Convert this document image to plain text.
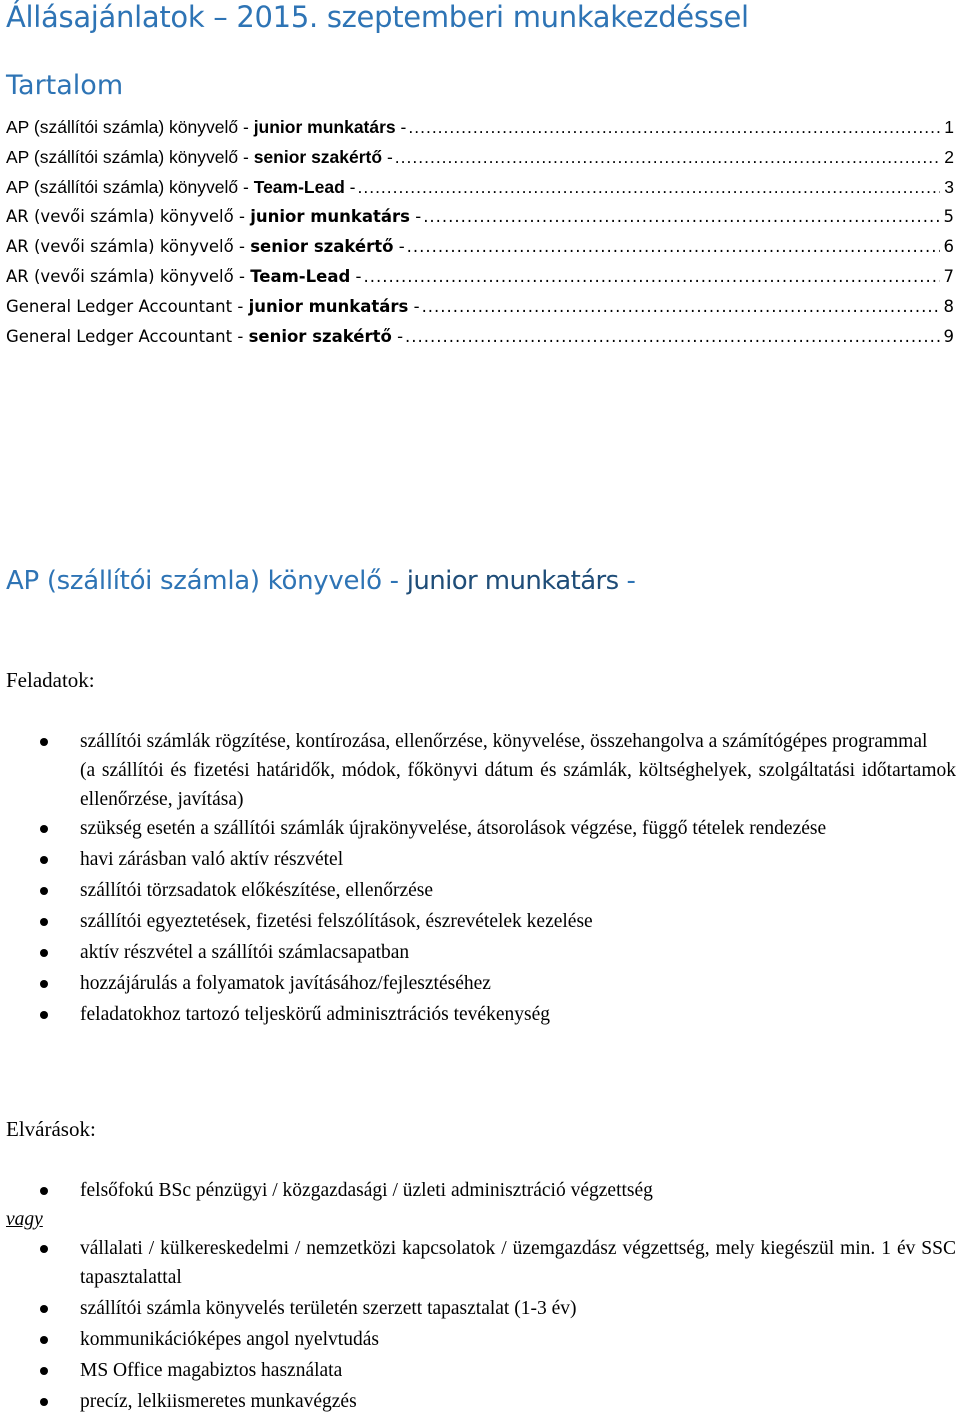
Állásajánlatok – 2015. szeptemberi munkakezdéssel
Tartalom
AP (szállítói számla) könyvelő - junior munkatárs - .....	1
AP (szállítói számla) könyvelő - senior szakértő - .....	2
AP (szállítói számla) könyvelő - Team-Lead - .....	3
AR (vevői számla) könyvelő - junior munkatárs - .....	5
AR (vevői számla) könyvelő - senior szakértő - .....	6
AR (vevői számla) könyvelő - Team-Lead - .....	7
General Ledger Accountant - junior munkatárs - .....	8
General Ledger Accountant - senior szakértő - .....	9
AP (szállítói számla) könyvelő - junior munkatárs -
Feladatok:
szállítói számlák rögzítése, kontírozása, ellenőrzése, könyvelése, összehangolva a számítógépes programmal
(a szállítói és fizetési határidők, módok, főkönyvi dátum és számlák, költséghelyek, szolgáltatási időtartamok ellenőrzése, javítása)
szükség esetén a szállítói számlák újrakönyvelése, átsorolások végzése, függő tételek rendezése
havi zárásban való aktív részvétel
szállítói törzsadatok előkészítése, ellenőrzése
szállítói egyeztetések, fizetési felszólítások, észrevételek kezelése
aktív részvétel a szállítói számlacsapatban
hozzájárulás a folyamatok javításához/fejlesztéséhez
feladatokhoz tartozó teljeskörű adminisztrációs tevékenység
Elvárások:
felsőfokú BSc pénzügyi / közgazdasági / üzleti adminisztráció végzettség
vagy
vállalati / külkereskedelmi / nemzetközi kapcsolatok / üzemgazdász végzettség, mely kiegészül min. 1 év SSC tapasztalattal
szállítói számla könyvelés területén szerzett tapasztalat (1-3 év)
kommunikációképes angol nyelvtudás
MS Office magabiztos használata
precíz, lelkiismeretes munkavégzés
